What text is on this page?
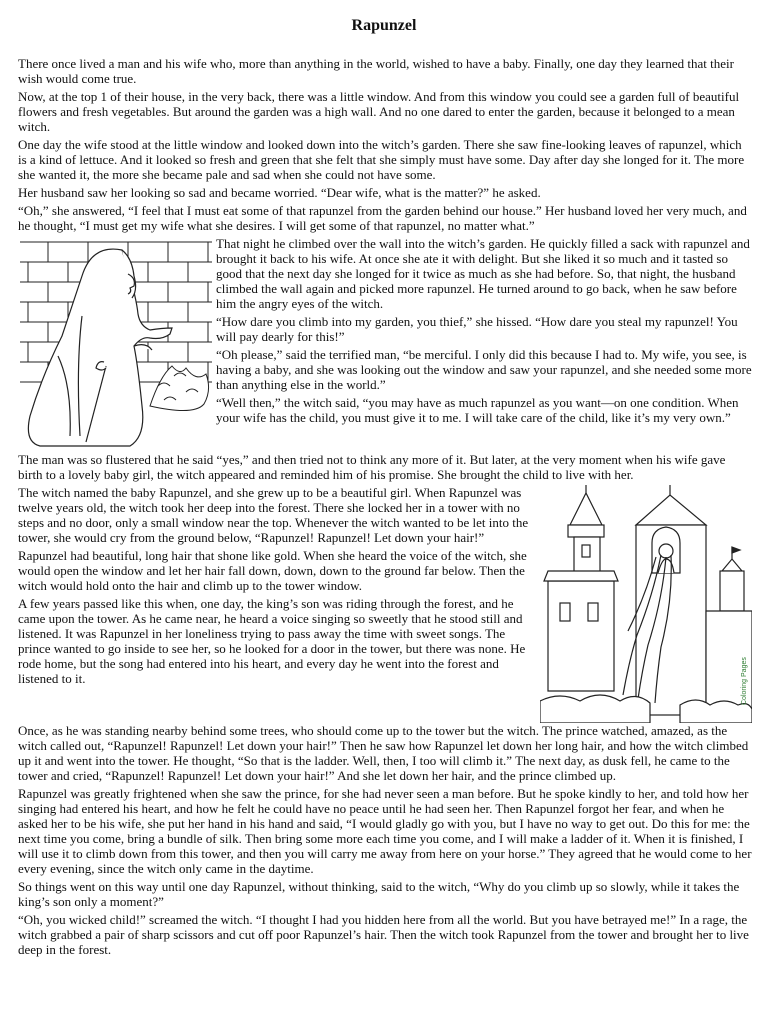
Rapunzel

There once lived a man and his wife who, more than anything in the world, wished to have a baby. Finally, one day they learned that their wish would come true.

Now, at the top 1 of their house, in the very back, there was a little window. And from this window you could see a garden full of beautiful flowers and fresh vegetables. But around the garden was a high wall. And no one dared to enter the garden, because it belonged to a mean witch.

One day the wife stood at the little window and looked down into the witch’s garden. There she saw fine-looking leaves of rapunzel, which is a kind of lettuce. And it looked so fresh and green that she felt that she simply must have some. Day after day she longed for it. The more she wanted it, the more she became pale and sad when she could not have some.

Her husband saw her looking so sad and became worried. “Dear wife, what is the matter?” he asked.

“Oh,” she answered, “I feel that I must eat some of that rapunzel from the garden behind our house.” Her husband loved her very much, and he thought, “I must get my wife what she desires. I will get some of that rapunzel, no matter what.”

That night he climbed over the wall into the witch’s garden. He quickly filled a sack with rapunzel and brought it back to his wife. At once she ate it with delight. But she liked it so much and it tasted so good that the next day she longed for it twice as much as she had before. So, that night, the husband climbed the wall again and picked more rapunzel. He turned around to go back, when he saw before him the angry eyes of the witch.

“How dare you climb into my garden, you thief,” she hissed. “How dare you steal my rapunzel! You will pay dearly for this!”

“Oh please,” said the terrified man, “be merciful. I only did this because I had to. My wife, you see, is having a baby, and she was looking out the window and saw your rapunzel, and she needed some more than anything else in the world.”

“Well then,” the witch said, “you may have as much rapunzel as you want—on one condition. When your wife has the child, you must give it to me. I will take care of the child, like it’s my very own.”

The man was so flustered that he said “yes,” and then tried not to think any more of it. But later, at the very moment when his wife gave birth to a lovely baby girl, the witch appeared and reminded him of his promise. She brought the child to live with her.

Coloring Pages

The witch named the baby Rapunzel, and she grew up to be a beautiful girl. When Rapunzel was twelve years old, the witch took her deep into the forest. There she locked her in a tower with no steps and no door, only a small window near the top. Whenever the witch wanted to be let into the tower, she would cry from the ground below, “Rapunzel! Rapunzel! Let down your hair!”

Rapunzel had beautiful, long hair that shone like gold. When she heard the voice of the witch, she would open the window and let her hair fall down, down, down to the ground far below. Then the witch would hold onto the hair and climb up to the tower window.

A few years passed like this when, one day, the king’s son was riding through the forest, and he came upon the tower. As he came near, he heard a voice singing so sweetly that he stood still and listened. It was Rapunzel in her loneliness trying to pass away the time with sweet songs. The prince wanted to go inside to see her, so he looked for a door in the tower, but there was none. He rode home, but the song had entered into his heart, and every day he went into the forest and listened to it.

Once, as he was standing nearby behind some trees, who should come up to the tower but the witch. The prince watched, amazed, as the witch called out, “Rapunzel! Rapunzel! Let down your hair!” Then he saw how Rapunzel let down her long hair, and how the witch climbed up it and went into the tower. He thought, “So that is the ladder. Well, then, I too will climb it.” The next day, as dusk fell, he came to the tower and cried, “Rapunzel! Rapunzel! Let down your hair!” And she let down her hair, and the prince climbed up.

Rapunzel was greatly frightened when she saw the prince, for she had never seen a man before. But he spoke kindly to her, and told how her singing had entered his heart, and how he felt he could have no peace until he had seen her. Then Rapunzel forgot her fear, and when he asked her to be his wife, she put her hand in his hand and said, “I would gladly go with you, but I have no way to get out. Do this for me: the next time you come, bring a bundle of silk. Then bring some more each time you come, and I will make a ladder of it. When it is finished, I will use it to climb down from this tower, and then you will carry me away from here on your horse.” They agreed that he would come to her every evening, since the witch only came in the daytime.

So things went on this way until one day Rapunzel, without thinking, said to the witch, “Why do you climb up so slowly, while it takes the king’s son only a moment?”

“Oh, you wicked child!” screamed the witch. “I thought I had you hidden here from all the world. But you have betrayed me!” In a rage, the witch grabbed a pair of sharp scissors and cut off poor Rapunzel’s hair. Then the witch took Rapunzel from the tower and brought her to live deep in the forest.
